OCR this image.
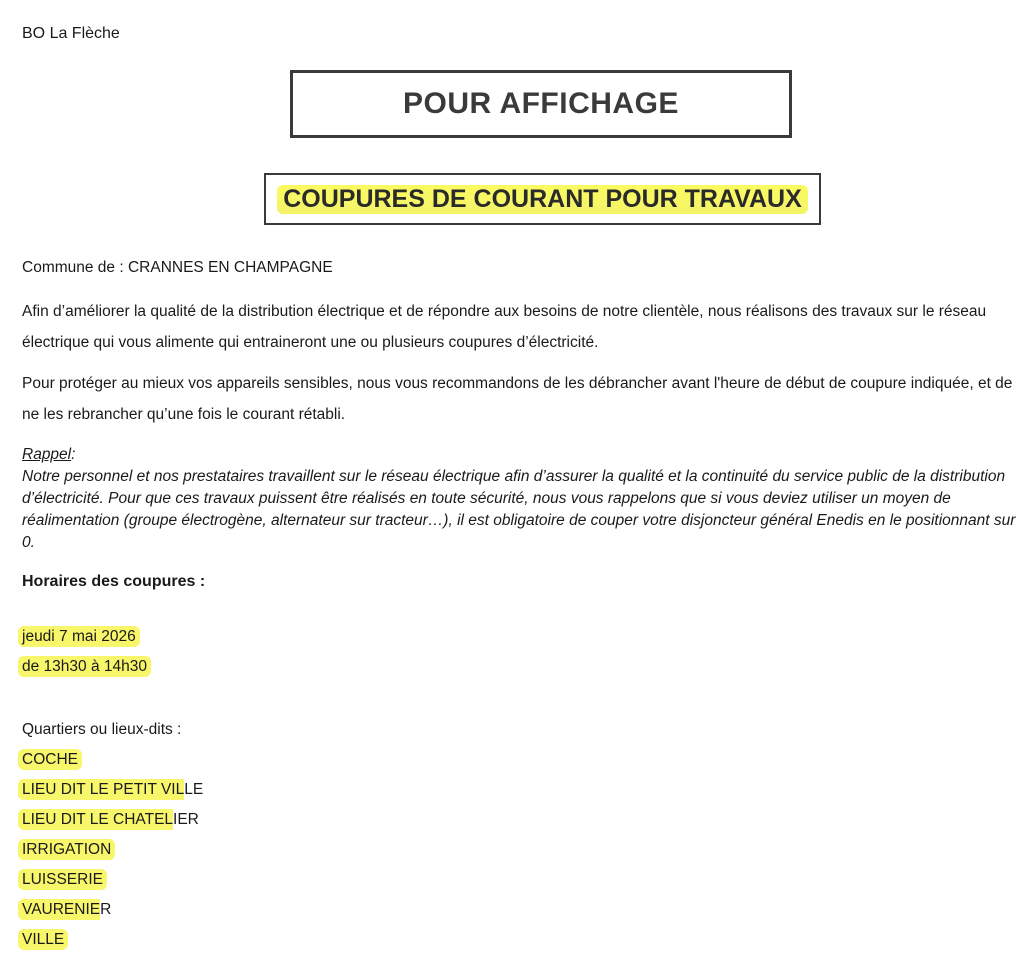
BO La Flèche
POUR AFFICHAGE
COUPURES DE COURANT POUR TRAVAUX
Commune de : CRANNES EN CHAMPAGNE
Afin d’améliorer la qualité de la distribution électrique et de répondre aux besoins de notre clientèle, nous réalisons des travaux sur le réseau électrique qui vous alimente qui entraineront une ou plusieurs coupures d’électricité.
Pour protéger au mieux vos appareils sensibles, nous vous recommandons de les débrancher avant l'heure de début de coupure indiquée, et de ne les rebrancher qu’une fois le courant rétabli.
Rappel:
Notre personnel et nos prestataires travaillent sur le réseau électrique afin d’assurer la qualité et la continuité du service public de la distribution d’électricité. Pour que ces travaux puissent être réalisés en toute sécurité, nous vous rappelons que si vous deviez utiliser un moyen de réalimentation (groupe électrogène, alternateur sur tracteur…), il est obligatoire de couper votre disjoncteur général Enedis en le positionnant sur 0.
Horaires des coupures :
jeudi 7 mai 2026
de 13h30 à 14h30
Quartiers ou lieux-dits :
COCHE
LIEU DIT LE PETIT VILLE
LIEU DIT LE CHATELIER
IRRIGATION
LUISSERIE
VAURENIER
VILLE
